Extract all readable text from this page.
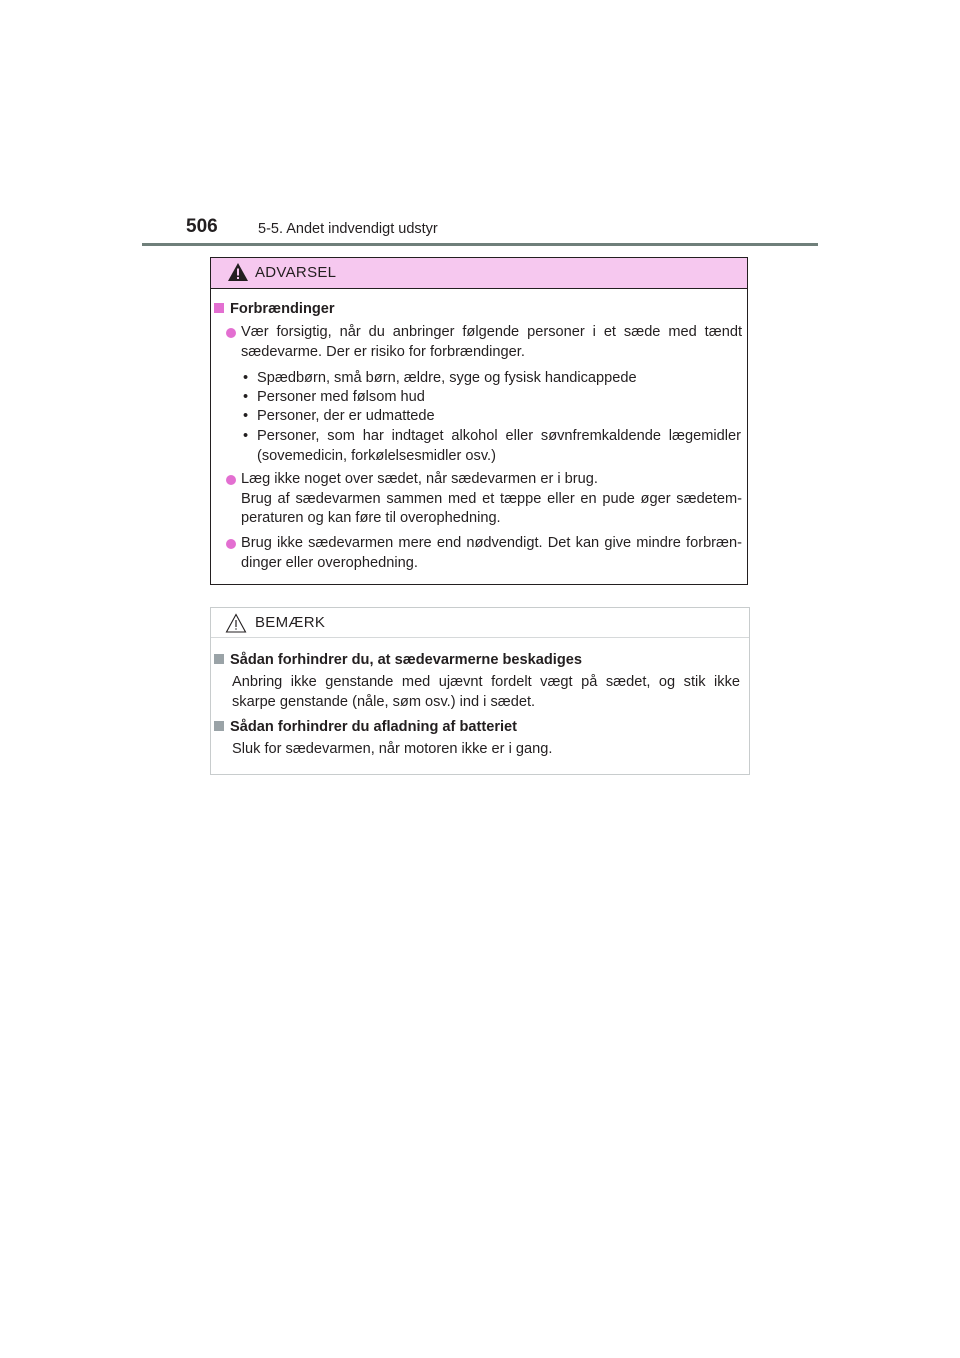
506	5-5. Andet indvendigt udstyr
ADVARSEL
Forbrændinger
Vær forsigtig, når du anbringer følgende personer i et sæde med tændt
sædevarme. Der er risiko for forbrændinger.
• Spædbørn, små børn, ældre, syge og fysisk handicappede
• Personer med følsom hud
• Personer, der er udmattede
• Personer, som har indtaget alkohol eller søvnfremkaldende lægemidler
(sovemedicin, forkølelsesmidler osv.)
Læg ikke noget over sædet, når sædevarmen er i brug.
Brug af sædevarmen sammen med et tæppe eller en pude øger sædetem-
peraturen og kan føre til overophedning.
Brug ikke sædevarmen mere end nødvendigt. Det kan give mindre forbræn-
dinger eller overophedning.
BEMÆRK
Sådan forhindrer du, at sædevarmerne beskadiges
Anbring ikke genstande med ujævnt fordelt vægt på sædet, og stik ikke
skarpe genstande (nåle, søm osv.) ind i sædet.
Sådan forhindrer du afladning af batteriet
Sluk for sædevarmen, når motoren ikke er i gang.
